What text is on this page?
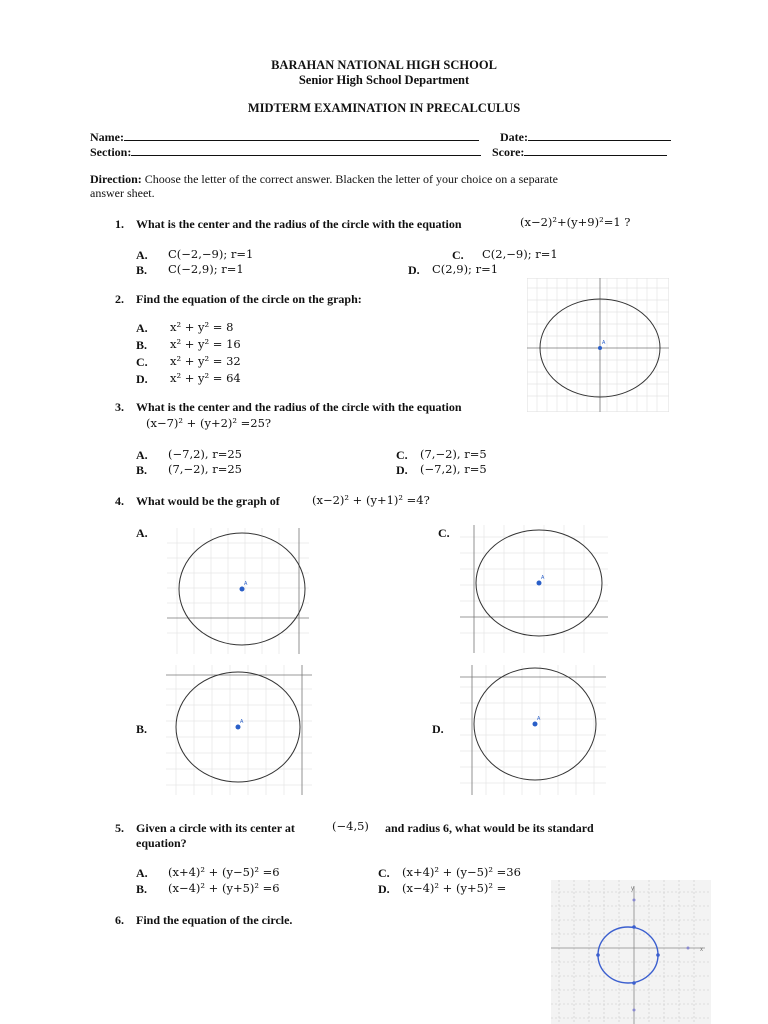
BARAHAN NATIONAL HIGH SCHOOL
Senior High School Department
MIDTERM EXAMINATION IN PRECALCULUS
Name:	Date:
Section:	Score:
Direction: Choose the letter of the correct answer. Blacken the letter of your choice on a separate
answer sheet.
1. What is the center and the radius of the circle with the equation	(x−2)²+(y+9)²=1 ?
A. C(−2,−9); r=1
B. C(−2,9); r=1
C. C(2,−9); r=1
D. C(2,9); r=1
2. Find the equation of the circle on the graph:
A. x² + y² = 8
B. x² + y² = 16
C. x² + y² = 32
D. x² + y² = 64
A
3. What is the center and the radius of the circle with the equation
(x−7)² + (y+2)² =25?
A. (−7,2), r=25
B. (7,−2), r=25
C. (7,−2), r=5
D. (−7,2), r=5
4. What would be the graph of	(x−2)² + (y+1)² =4?
A.	C.
B.	D.
A
A
A	A
5. Given a circle with its center at	(−4,5) and radius 6, what would be its standard
equation?
A. (x+4)² + (y−5)² =6
B. (x−4)² + (y+5)² =6
C. (x+4)² + (y−5)² =36
D. (x−4)² + (y+5)² =
6. Find the equation of the circle.
x
y
